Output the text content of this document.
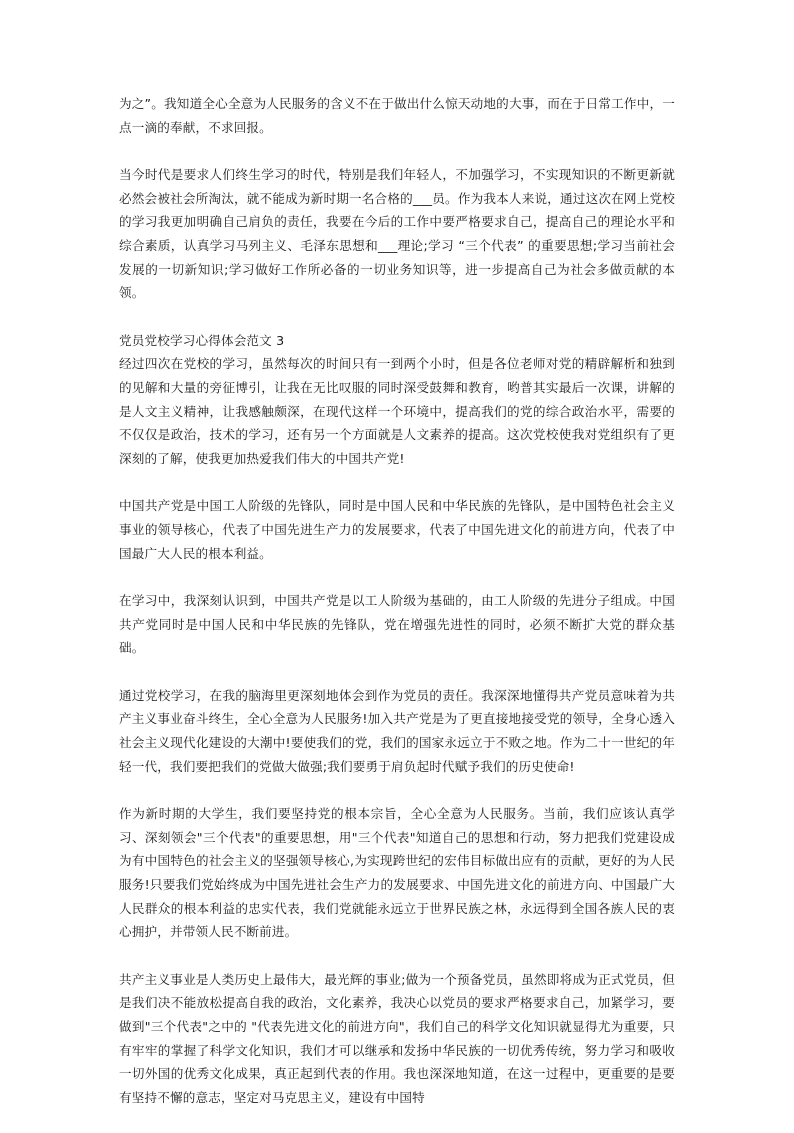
为之”。我知道全心全意为人民服务的含义不在于做出什么惊天动地的大事，而在于日常工作中，一点一滴的奉献，不求回报。

当今时代是要求人们终生学习的时代，特别是我们年轻人，不加强学习，不实现知识的不断更新就必然会被社会所淘汰，就不能成为新时期一名合格的___员。作为我本人来说，通过这次在网上党校的学习我更加明确自己肩负的责任，我要在今后的工作中要严格要求自己，提高自己的理论水平和综合素质，认真学习马列主义、毛泽东思想和___理论;学习 “三个代表” 的重要思想;学习当前社会发展的一切新知识;学习做好工作所必备的一切业务知识等，进一步提高自己为社会多做贡献的本领。

党员党校学习心得体会范文 3

经过四次在党校的学习，虽然每次的时间只有一到两个小时，但是各位老师对党的精辟解析和独到的见解和大量的旁征博引，让我在无比叹服的同时深受鼓舞和教育，哟普其实最后一次课，讲解的是人文主义精神，让我感触颇深，在现代这样一个环境中，提高我们的党的综合政治水平，需要的不仅仅是政治，技术的学习，还有另一个方面就是人文素养的提高。这次党校使我对党组织有了更深刻的了解，使我更加热爱我们伟大的中国共产党!

中国共产党是中国工人阶级的先锋队，同时是中国人民和中华民族的先锋队，是中国特色社会主义事业的领导核心，代表了中国先进生产力的发展要求，代表了中国先进文化的前进方向，代表了中国最广大人民的根本利益。

在学习中，我深刻认识到，中国共产党是以工人阶级为基础的，由工人阶级的先进分子组成。中国共产党同时是中国人民和中华民族的先锋队，党在增强先进性的同时，必须不断扩大党的群众基础。

通过党校学习，在我的脑海里更深刻地体会到作为党员的责任。我深深地懂得共产党员意味着为共产主义事业奋斗终生，全心全意为人民服务!加入共产党是为了更直接地接受党的领导，全身心透入社会主义现代化建设的大潮中!要使我们的党，我们的国家永远立于不败之地。作为二十一世纪的年轻一代，我们要把我们的党做大做强;我们要勇于肩负起时代赋予我们的历史使命!

作为新时期的大学生，我们要坚持党的根本宗旨，全心全意为人民服务。当前，我们应该认真学习、深刻领会"三个代表"的重要思想，用"三个代表"知道自己的思想和行动，努力把我们党建设成为有中国特色的社会主义的坚强领导核心,为实现跨世纪的宏伟目标做出应有的贡献，更好的为人民服务!只要我们党始终成为中国先进社会生产力的发展要求、中国先进文化的前进方向、中国最广大人民群众的根本利益的忠实代表，我们党就能永远立于世界民族之林，永远得到全国各族人民的衷心拥护，并带领人民不断前进。

共产主义事业是人类历史上最伟大，最光辉的事业;做为一个预备党员，虽然即将成为正式党员，但是我们决不能放松提高自我的政治，文化素养，我决心以党员的要求严格要求自己，加紧学习，要做到"三个代表"之中的 "代表先进文化的前进方向"，我们自己的科学文化知识就显得尤为重要，只有牢牢的掌握了科学文化知识，我们才可以继承和发扬中华民族的一切优秀传统，努力学习和吸收一切外国的优秀文化成果，真正起到代表的作用。我也深深地知道，在这一过程中，更重要的是要有坚持不懈的意志，坚定对马克思主义，建设有中国特
